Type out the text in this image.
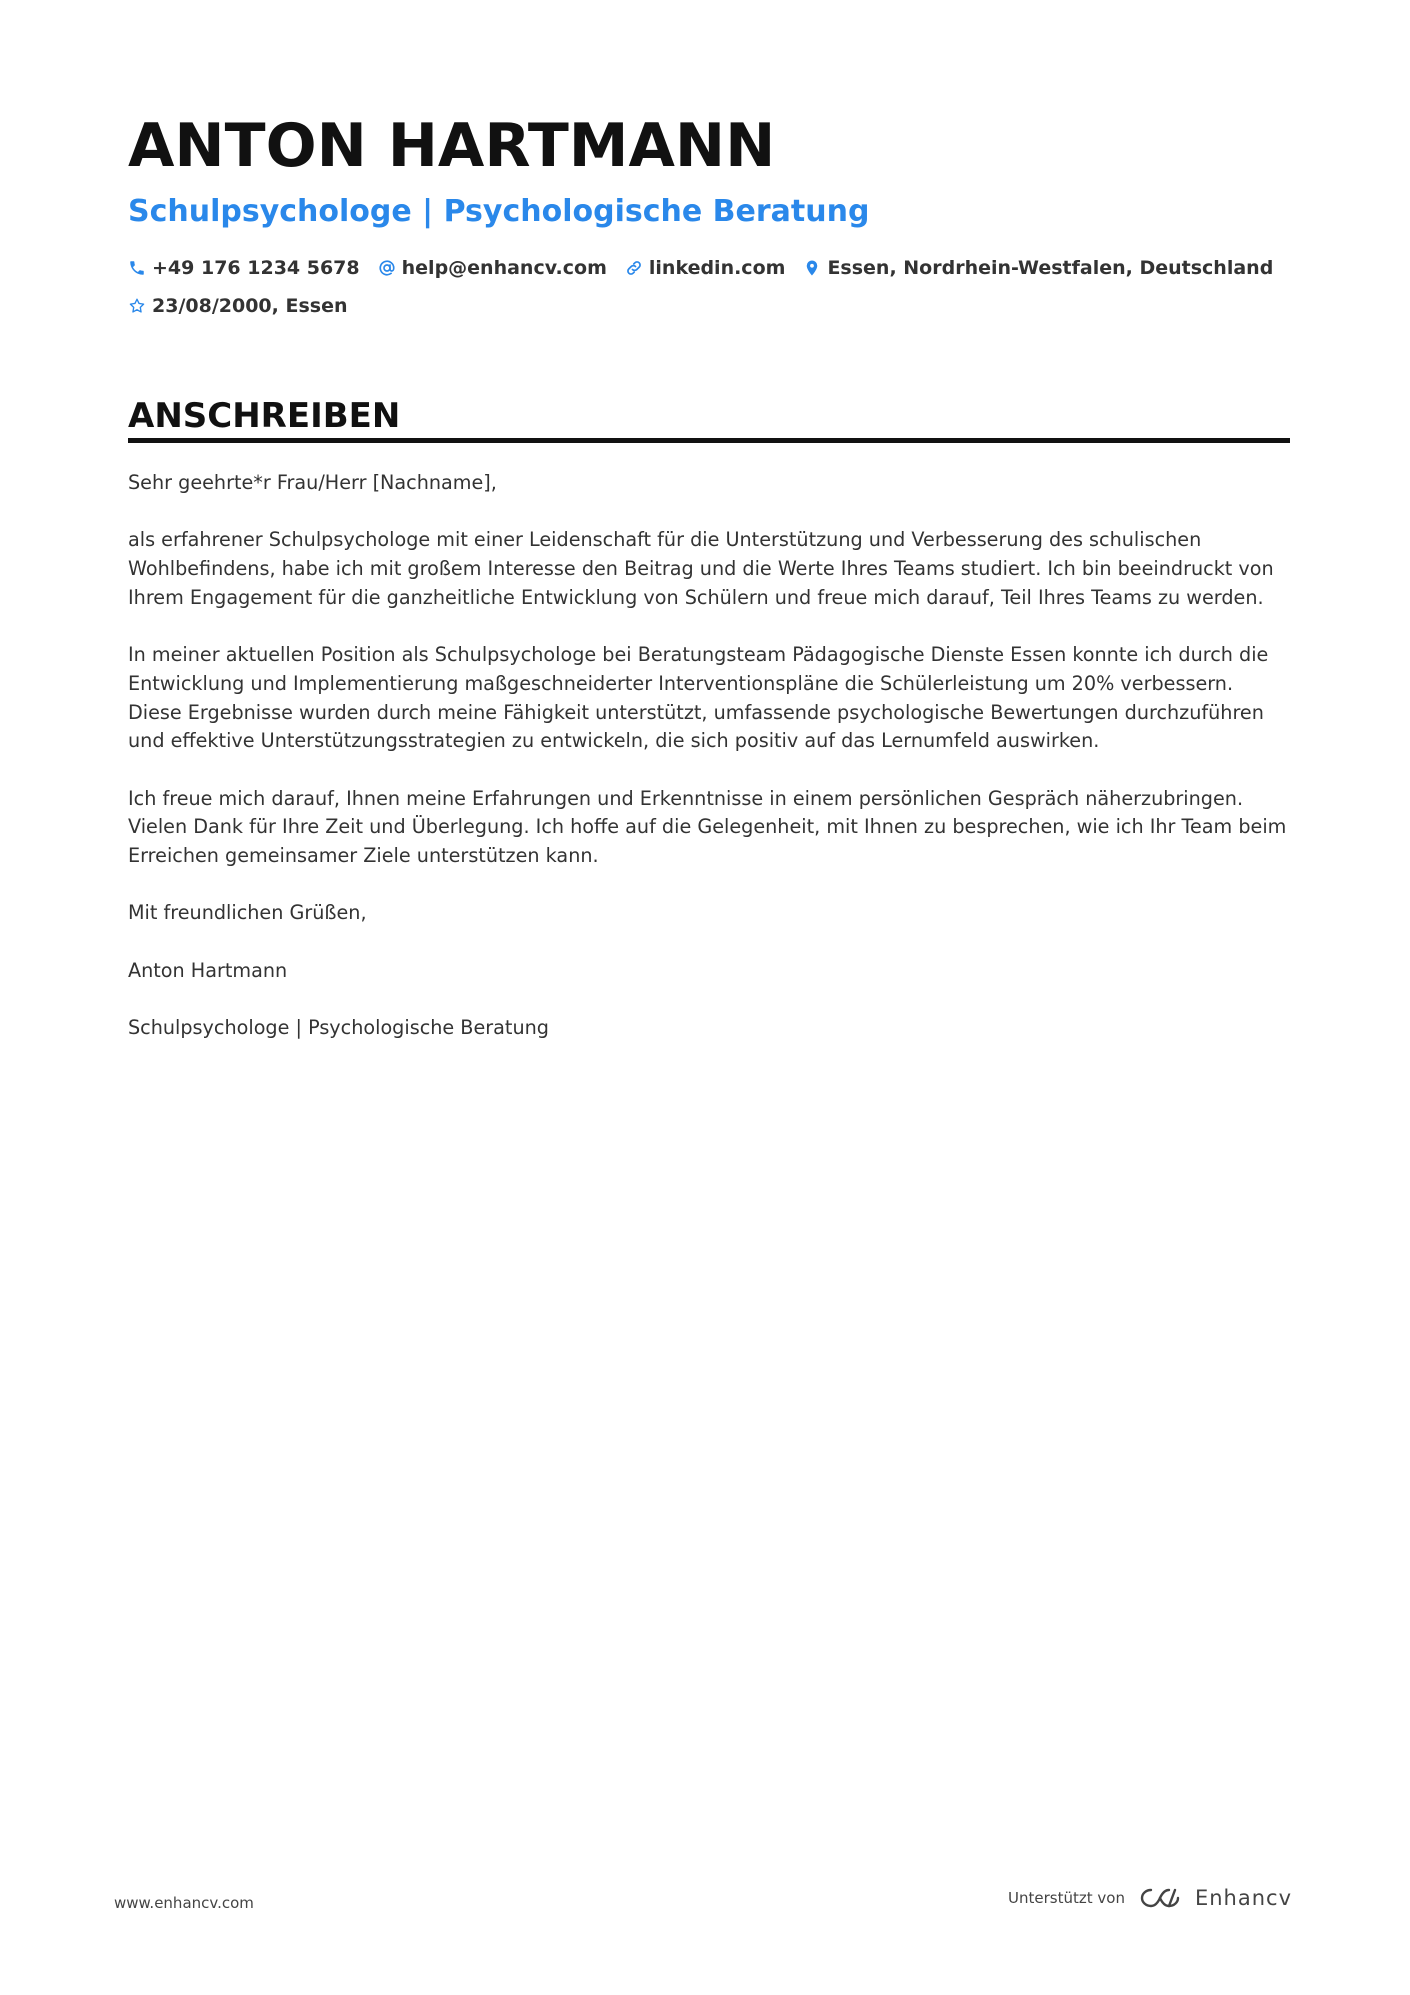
ANTON HARTMANN
Schulpsychologe | Psychologische Beratung
+49 176 1234 5678 help@enhancv.com linkedin.com Essen, Nordrhein-Westfalen, Deutschland
23/08/2000, Essen
ANSCHREIBEN

Sehr geehrte*r Frau/Herr [Nachname],

als erfahrener Schulpsychologe mit einer Leidenschaft für die Unterstützung und Verbesserung des schulischen Wohlbefindens, habe ich mit großem Interesse den Beitrag und die Werte Ihres Teams studiert. Ich bin beeindruckt von Ihrem Engagement für die ganzheitliche Entwicklung von Schülern und freue mich darauf, Teil Ihres Teams zu werden.

In meiner aktuellen Position als Schulpsychologe bei Beratungsteam Pädagogische Dienste Essen konnte ich durch die Entwicklung und Implementierung maßgeschneiderter Interventionspläne die Schülerleistung um 20% verbessern. Diese Ergebnisse wurden durch meine Fähigkeit unterstützt, umfassende psychologische Bewertungen durchzuführen und effektive Unterstützungsstrategien zu entwickeln, die sich positiv auf das Lernumfeld auswirken.

Ich freue mich darauf, Ihnen meine Erfahrungen und Erkenntnisse in einem persönlichen Gespräch näherzubringen. Vielen Dank für Ihre Zeit und Überlegung. Ich hoffe auf die Gelegenheit, mit Ihnen zu besprechen, wie ich Ihr Team beim Erreichen gemeinsamer Ziele unterstützen kann.

Mit freundlichen Grüßen,

Anton Hartmann

Schulpsychologe | Psychologische Beratung

www.enhancv.com	Unterstützt von	Enhancv
